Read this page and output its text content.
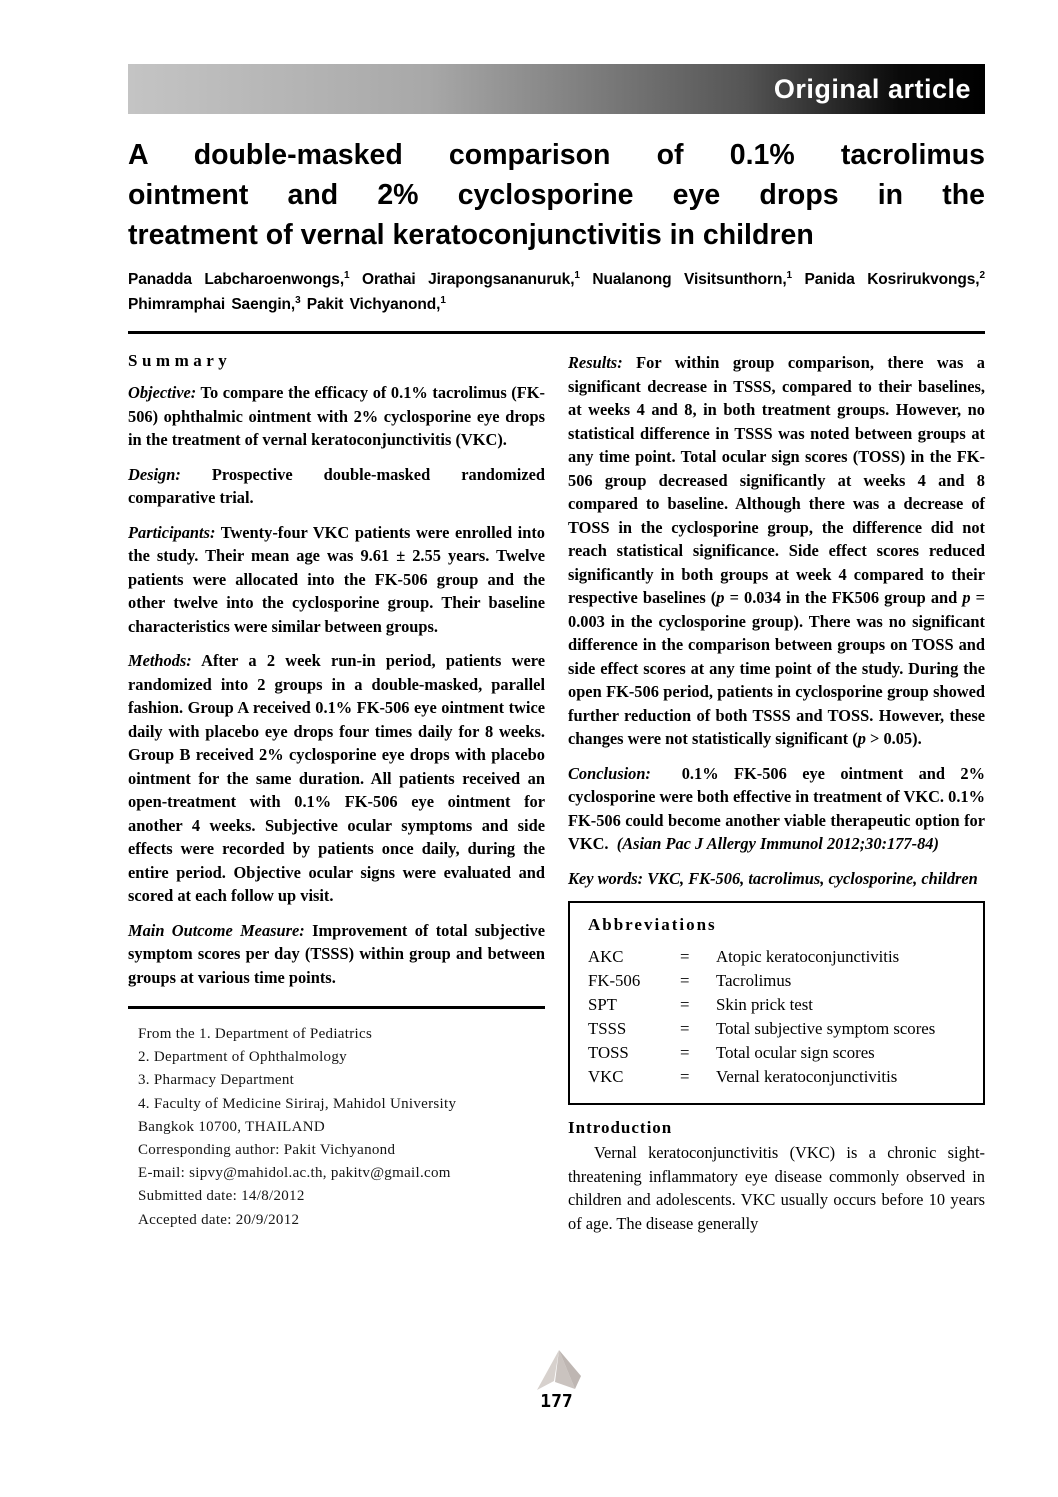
Original article
A double-masked comparison of 0.1% tacrolimus
ointment and 2% cyclosporine eye drops in the
treatment of vernal keratoconjunctivitis in children

Panadda Labcharoenwongs,$^1$ Orathai Jirapongsananuruk,$^1$ Nualanong Visitsunthorn,$^1$ Panida Kosrirukvongs,$^2$ Phimramphai Saengin,$^3$ Pakit Vichyanond,$^1$

Summary

Objective: To compare the efficacy of 0.1% tacrolimus (FK-506) ophthalmic ointment with 2% cyclosporine eye drops in the treatment of vernal keratoconjunctivitis (VKC).

Design: Prospective double-masked randomized comparative trial.

Participants: Twenty-four VKC patients were enrolled into the study. Their mean age was 9.61 ± 2.55 years. Twelve patients were allocated into the FK-506 group and the other twelve into the cyclosporine group. Their baseline characteristics were similar between groups.

Methods: After a 2 week run-in period, patients were randomized into 2 groups in a double-masked, parallel fashion. Group A received 0.1% FK-506 eye ointment twice daily with placebo eye drops four times daily for 8 weeks. Group B received 2% cyclosporine eye drops with placebo ointment for the same duration. All patients received an open-treatment with 0.1% FK-506 eye ointment for another 4 weeks. Subjective ocular symptoms and side effects were recorded by patients once daily, during the entire period. Objective ocular signs were evaluated and scored at each follow up visit.

Main Outcome Measure: Improvement of total subjective symptom scores per day (TSSS) within group and between groups at various time points.

From the 1. Department of Pediatrics
2. Department of Ophthalmology
3. Pharmacy Department
4. Faculty of Medicine Siriraj, Mahidol University
Bangkok 10700, THAILAND
Corresponding author: Pakit Vichyanond
E-mail: sipvy@mahidol.ac.th, pakitv@gmail.com
Submitted date: 14/8/2012
Accepted date: 20/9/2012

Results: For within group comparison, there was a significant decrease in TSSS, compared to their baselines, at weeks 4 and 8, in both treatment groups. However, no statistical difference in TSSS was noted between groups at any time point. Total ocular sign scores (TOSS) in the FK-506 group decreased significantly at weeks 4 and 8 compared to baseline. Although there was a decrease of TOSS in the cyclosporine group, the difference did not reach statistical significance. Side effect scores reduced significantly in both groups at week 4 compared to their respective baselines (p = 0.034 in the FK506 group and p = 0.003 in the cyclosporine group). There was no significant difference in the comparison between groups on TOSS and side effect scores at any time point of the study. During the open FK-506 period, patients in cyclosporine group showed further reduction of both TSSS and TOSS. However, these changes were not statistically significant (p > 0.05).

Conclusion: 0.1% FK-506 eye ointment and 2% cyclosporine were both effective in treatment of VKC. 0.1% FK-506 could become another viable therapeutic option for VKC. (Asian Pac J Allergy Immunol 2012;30:177-84)

Key words: VKC, FK-506, tacrolimus, cyclosporine, children

Abbreviations
AKC	=	Atopic keratoconjunctivitis
FK-506	=	Tacrolimus
SPT	=	Skin prick test
TSSS	=	Total subjective symptom scores
TOSS	=	Total ocular sign scores
VKC	=	Vernal keratoconjunctivitis
Introduction

Vernal keratoconjunctivitis (VKC) is a chronic sight-threatening inflammatory eye disease commonly observed in children and adolescents. VKC usually occurs before 10 years of age. The disease generally

177
